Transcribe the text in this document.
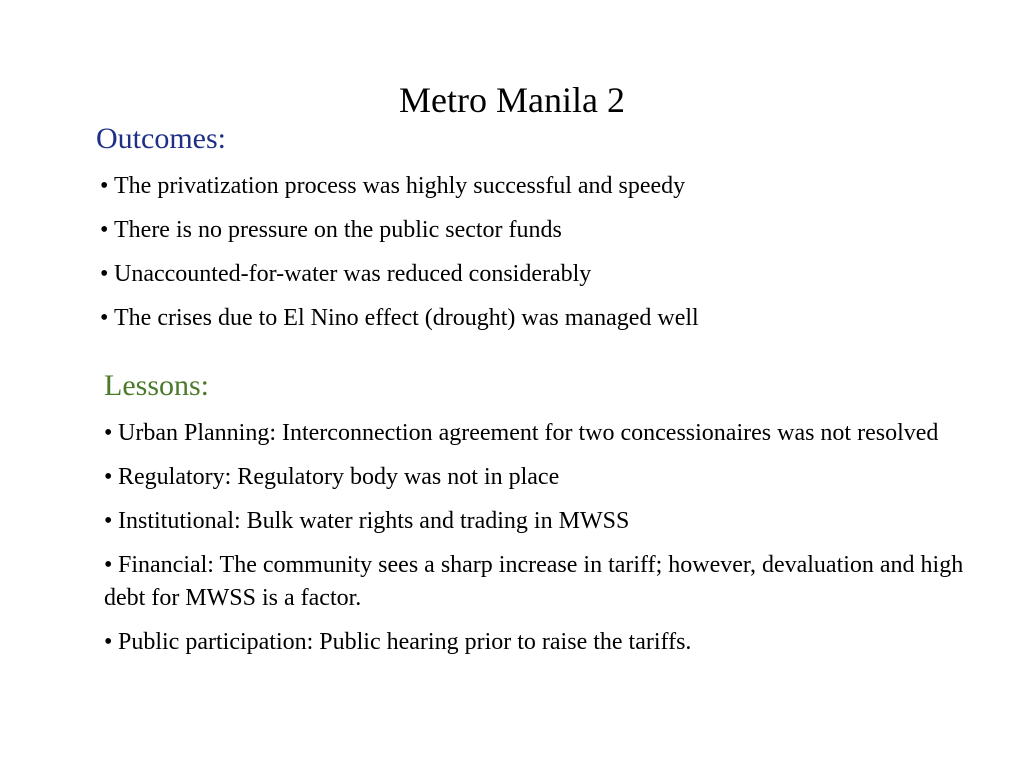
Metro Manila 2
Outcomes:
• The privatization process was highly successful and speedy
• There is no pressure on the public sector funds
• Unaccounted-for-water was reduced considerably
• The crises due to El Nino effect (drought) was managed well
Lessons:
• Urban Planning: Interconnection agreement for two concessionaires was not resolved
• Regulatory: Regulatory body was not in place
• Institutional: Bulk water rights and trading in MWSS
• Financial: The community sees a sharp increase in tariff; however, devaluation and high debt for MWSS is a factor.
• Public participation: Public hearing prior to raise the tariffs.
